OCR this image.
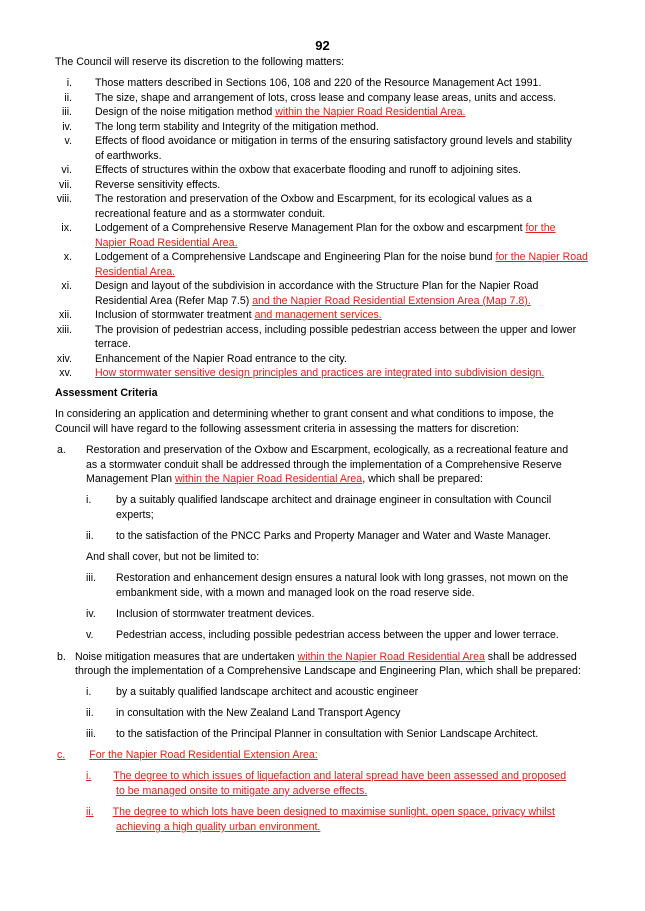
92
The Council will reserve its discretion to the following matters:
i. Those matters described in Sections 106, 108 and 220 of the Resource Management Act 1991.
ii. The size, shape and arrangement of lots, cross lease and company lease areas, units and access.
iii. Design of the noise mitigation method within the Napier Road Residential Area.
iv. The long term stability and Integrity of the mitigation method.
v. Effects of flood avoidance or mitigation in terms of the ensuring satisfactory ground levels and stability
of earthworks.
vi. Effects of structures within the oxbow that exacerbate flooding and runoff to adjoining sites.
vii. Reverse sensitivity effects.
viii. The restoration and preservation of the Oxbow and Escarpment, for its ecological values as a
recreational feature and as a stormwater conduit.
ix. Lodgement of a Comprehensive Reserve Management Plan for the oxbow and escarpment for the
Napier Road Residential Area.
x. Lodgement of a Comprehensive Landscape and Engineering Plan for the noise bund for the Napier Road
Residential Area.
xi. Design and layout of the subdivision in accordance with the Structure Plan for the Napier Road
Residential Area (Refer Map 7.5) and the Napier Road Residential Extension Area (Map 7.8).
xii. Inclusion of stormwater treatment and management services.
xiii. The provision of pedestrian access, including possible pedestrian access between the upper and lower
terrace.
xiv. Enhancement of the Napier Road entrance to the city.
xv. How stormwater sensitive design principles and practices are integrated into subdivision design.
Assessment Criteria
In considering an application and determining whether to grant consent and what conditions to impose, the
Council will have regard to the following assessment criteria in assessing the matters for discretion:
a. Restoration and preservation of the Oxbow and Escarpment, ecologically, as a recreational feature and
as a stormwater conduit shall be addressed through the implementation of a Comprehensive Reserve
Management Plan within the Napier Road Residential Area, which shall be prepared:
i. by a suitably qualified landscape architect and drainage engineer in consultation with Council
experts;
ii. to the satisfaction of the PNCC Parks and Property Manager and Water and Waste Manager.
And shall cover, but not be limited to:
iii. Restoration and enhancement design ensures a natural look with long grasses, not mown on the
embankment side, with a mown and managed look on the road reserve side.
iv. Inclusion of stormwater treatment devices.
v. Pedestrian access, including possible pedestrian access between the upper and lower terrace.
b. Noise mitigation measures that are undertaken within the Napier Road Residential Area shall be addressed
through the implementation of a Comprehensive Landscape and Engineering Plan, which shall be prepared:
i. by a suitably qualified landscape architect and acoustic engineer
ii. in consultation with the New Zealand Land Transport Agency
iii. to the satisfaction of the Principal Planner in consultation with Senior Landscape Architect.
c. For the Napier Road Residential Extension Area:
i. The degree to which issues of liquefaction and lateral spread have been assessed and proposed
to be managed onsite to mitigate any adverse effects.
ii. The degree to which lots have been designed to maximise sunlight, open space, privacy whilst
achieving a high quality urban environment.
